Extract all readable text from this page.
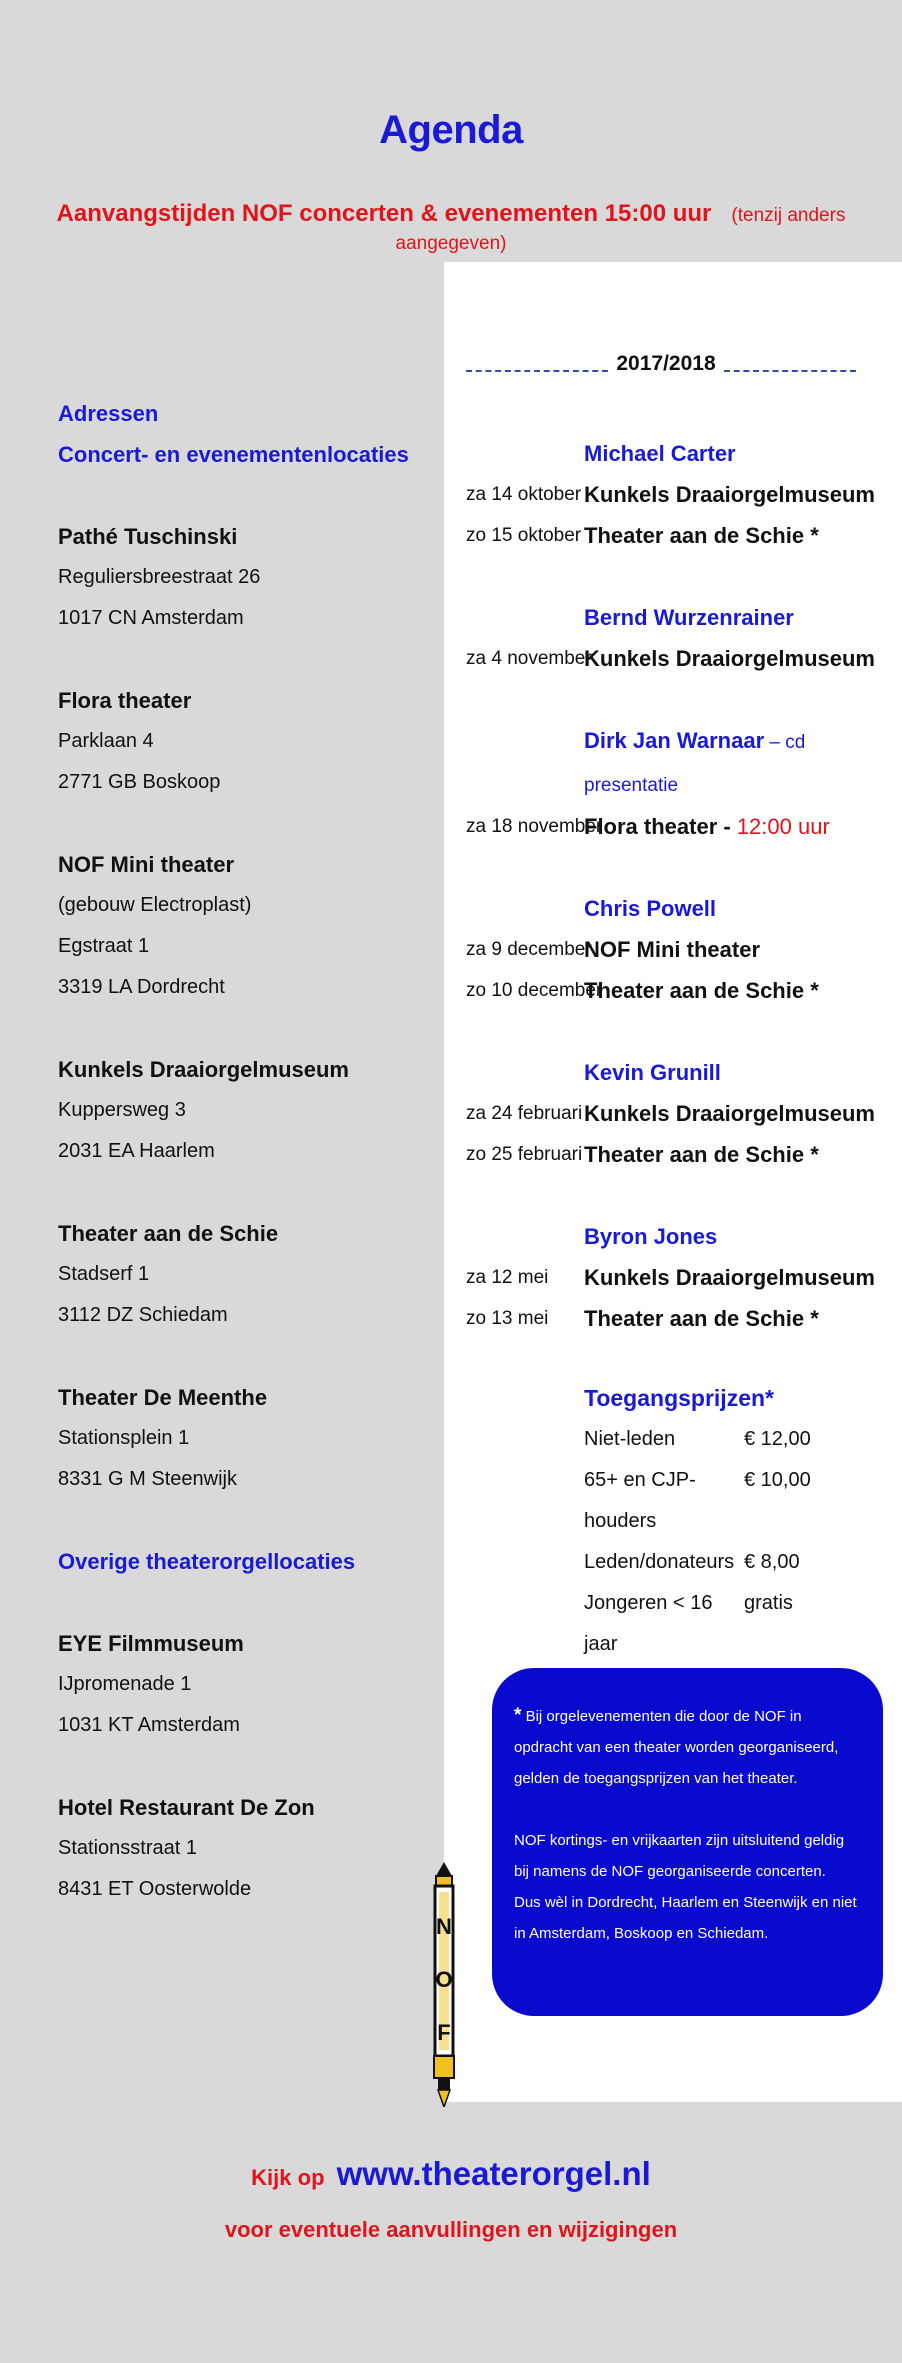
Agenda
Aanvangstijden NOF concerten & evenementen 15:00 uur (tenzij anders aangegeven)
Adressen
Concert- en evenementenlocaties
Pathé Tuschinski
Reguliersbreestraat 26
1017 CN Amsterdam
Flora theater
Parklaan 4
2771 GB Boskoop
NOF Mini theater
(gebouw Electroplast)
Egstraat 1
3319 LA Dordrecht
Kunkels Draaiorgelmuseum
Kuppersweg 3
2031 EA Haarlem
Theater aan de Schie
Stadserf 1
3112 DZ Schiedam
Theater De Meenthe
Stationsplein 1
8331 G M Steenwijk
Overige theaterorgellocaties
EYE Filmmuseum
IJpromenade 1
1031 KT Amsterdam
Hotel Restaurant De Zon
Stationsstraat 1
8431 ET Oosterwolde
2017/2018
Michael Carter
za 14 oktober Kunkels Draaiorgelmuseum
zo 15 oktober Theater aan de Schie *
Bernd Wurzenrainer
za 4 november
Kunkels Draaiorgelmuseum
Dirk Jan Warnaar – cd presentatie
za 18 november
Flora theater - 12:00 uur
Chris Powell
za 9 december
NOF Mini theater
zo 10 december
Theater aan de Schie *
Kevin Grunill
za 24 februari Kunkels Draaiorgelmuseum
zo 25 februari Theater aan de Schie *
Byron Jones
za 12 mei	Kunkels Draaiorgelmuseum
zo 13 mei	Theater aan de Schie *
Toegangsprijzen*
Niet-leden	€ 12,00
65+ en CJP-houders
€ 10,00
Leden/donateurs € 8,00
Jongeren < 16 jaar
gratis

* Bij orgelevenementen die door de NOF in opdracht van een theater worden georganiseerd, gelden de toegangsprijzen van het theater.

NOF kortings- en vrijkaarten zijn uitsluitend geldig bij namens de NOF georganiseerde concerten.

Dus wèl in Dordrecht, Haarlem en Steenwijk en niet in Amsterdam, Boskoop en Schiedam.

N
O
F
Kijk op www.theaterorgel.nl
voor eventuele aanvullingen en wijzigingen
